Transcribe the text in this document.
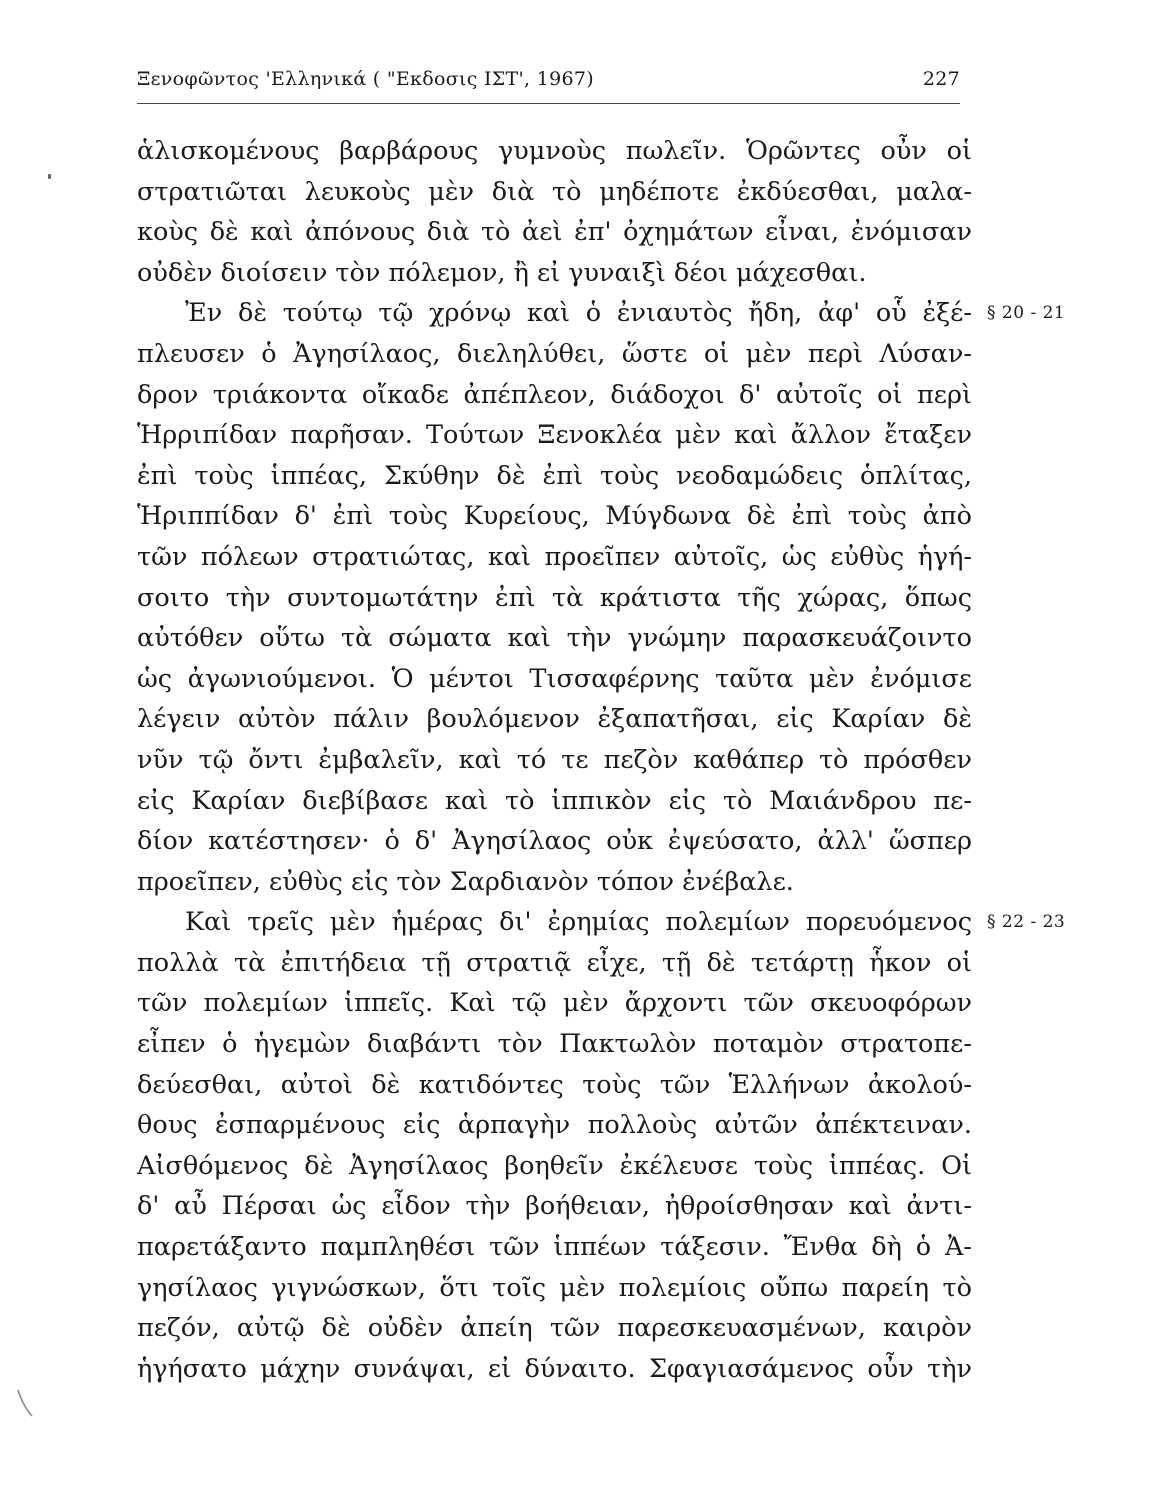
Ξενοφῶντος 'Ελληνικά ( "Εκδοσις ΙΣΤ', 1967)	227
ἁλισκομένους βαρβάρους γυμνοὺς πωλεῖν. Ὁρῶντες οὖν οἱ
στρατιῶται λευκοὺς μὲν διὰ τὸ μηδέποτε ἐκδύεσθαι, μαλα-
κοὺς δὲ καὶ ἀπόνους διὰ τὸ ἀεὶ ἐπ' ὀχημάτων εἶναι, ἐνόμισαν
οὐδὲν διοίσειν τὸν πόλεμον, ἢ εἰ γυναιξὶ δέοι μάχεσθαι.
Ἐν δὲ τούτῳ τῷ χρόνῳ καὶ ὁ ἐνιαυτὸς ἤδη, ἀφ' οὗ ἐξέ- § 20 - 21
πλευσεν ὁ Ἀγησίλαος, διεληλύθει, ὥστε οἱ μὲν περὶ Λύσαν-
δρον τριάκοντα οἴκαδε ἀπέπλεον, διάδοχοι δ' αὐτοῖς οἱ περὶ
Ἡρριπίδαν παρῆσαν. Τούτων Ξενοκλέα μὲν καὶ ἄλλον ἔταξεν
ἐπὶ τοὺς ἱππέας, Σκύθην δὲ ἐπὶ τοὺς νεοδαμώδεις ὁπλίτας,
Ἡριππίδαν δ' ἐπὶ τοὺς Κυρείους, Μύγδωνα δὲ ἐπὶ τοὺς ἀπὸ
τῶν πόλεων στρατιώτας, καὶ προεῖπεν αὐτοῖς, ὡς εὐθὺς ἡγή-
σοιτο τὴν συντομωτάτην ἐπὶ τὰ κράτιστα τῆς χώρας, ὅπως
αὐτόθεν οὕτω τὰ σώματα καὶ τὴν γνώμην παρασκευάζοιντο
ὡς ἀγωνιούμενοι. Ὁ μέντοι Τισσαφέρνης ταῦτα μὲν ἐνόμισε
λέγειν αὐτὸν πάλιν βουλόμενον ἐξαπατῆσαι, εἰς Καρίαν δὲ
νῦν τῷ ὄντι ἐμβαλεῖν, καὶ τό τε πεζὸν καθάπερ τὸ πρόσθεν
εἰς Καρίαν διεβίβασε καὶ τὸ ἱππικὸν εἰς τὸ Μαιάνδρου πε-
δίον κατέστησεν· ὁ δ' Ἀγησίλαος οὐκ ἐψεύσατο, ἀλλ' ὥσπερ
προεῖπεν, εὐθὺς εἰς τὸν Σαρδιανὸν τόπον ἐνέβαλε.
Καὶ τρεῖς μὲν ἡμέρας δι' ἐρημίας πολεμίων πορευόμενος § 22 - 23
πολλὰ τὰ ἐπιτήδεια τῇ στρατιᾷ εἶχε, τῇ δὲ τετάρτῃ ἧκον οἱ
τῶν πολεμίων ἱππεῖς. Καὶ τῷ μὲν ἄρχοντι τῶν σκευοφόρων
εἶπεν ὁ ἡγεμὼν διαβάντι τὸν Πακτωλὸν ποταμὸν στρατοπε-
δεύεσθαι, αὐτοὶ δὲ κατιδόντες τοὺς τῶν Ἑλλήνων ἀκολού-
θους ἐσπαρμένους εἰς ἁρπαγὴν πολλοὺς αὐτῶν ἀπέκτειναν.
Αἰσθόμενος δὲ Ἀγησίλαος βοηθεῖν ἐκέλευσε τοὺς ἱππέας. Οἱ
δ' αὖ Πέρσαι ὡς εἶδον τὴν βοήθειαν, ἠθροίσθησαν καὶ ἀντι-
παρετάξαντο παμπληθέσι τῶν ἱππέων τάξεσιν. Ἔνθα δὴ ὁ Ἀ-
γησίλαος γιγνώσκων, ὅτι τοῖς μὲν πολεμίοις οὔπω παρείη τὸ
πεζόν, αὐτῷ δὲ οὐδὲν ἀπείη τῶν παρεσκευασμένων, καιρὸν
ἡγήσατο μάχην συνάψαι, εἰ δύναιτο. Σφαγιασάμενος οὖν τὴν
